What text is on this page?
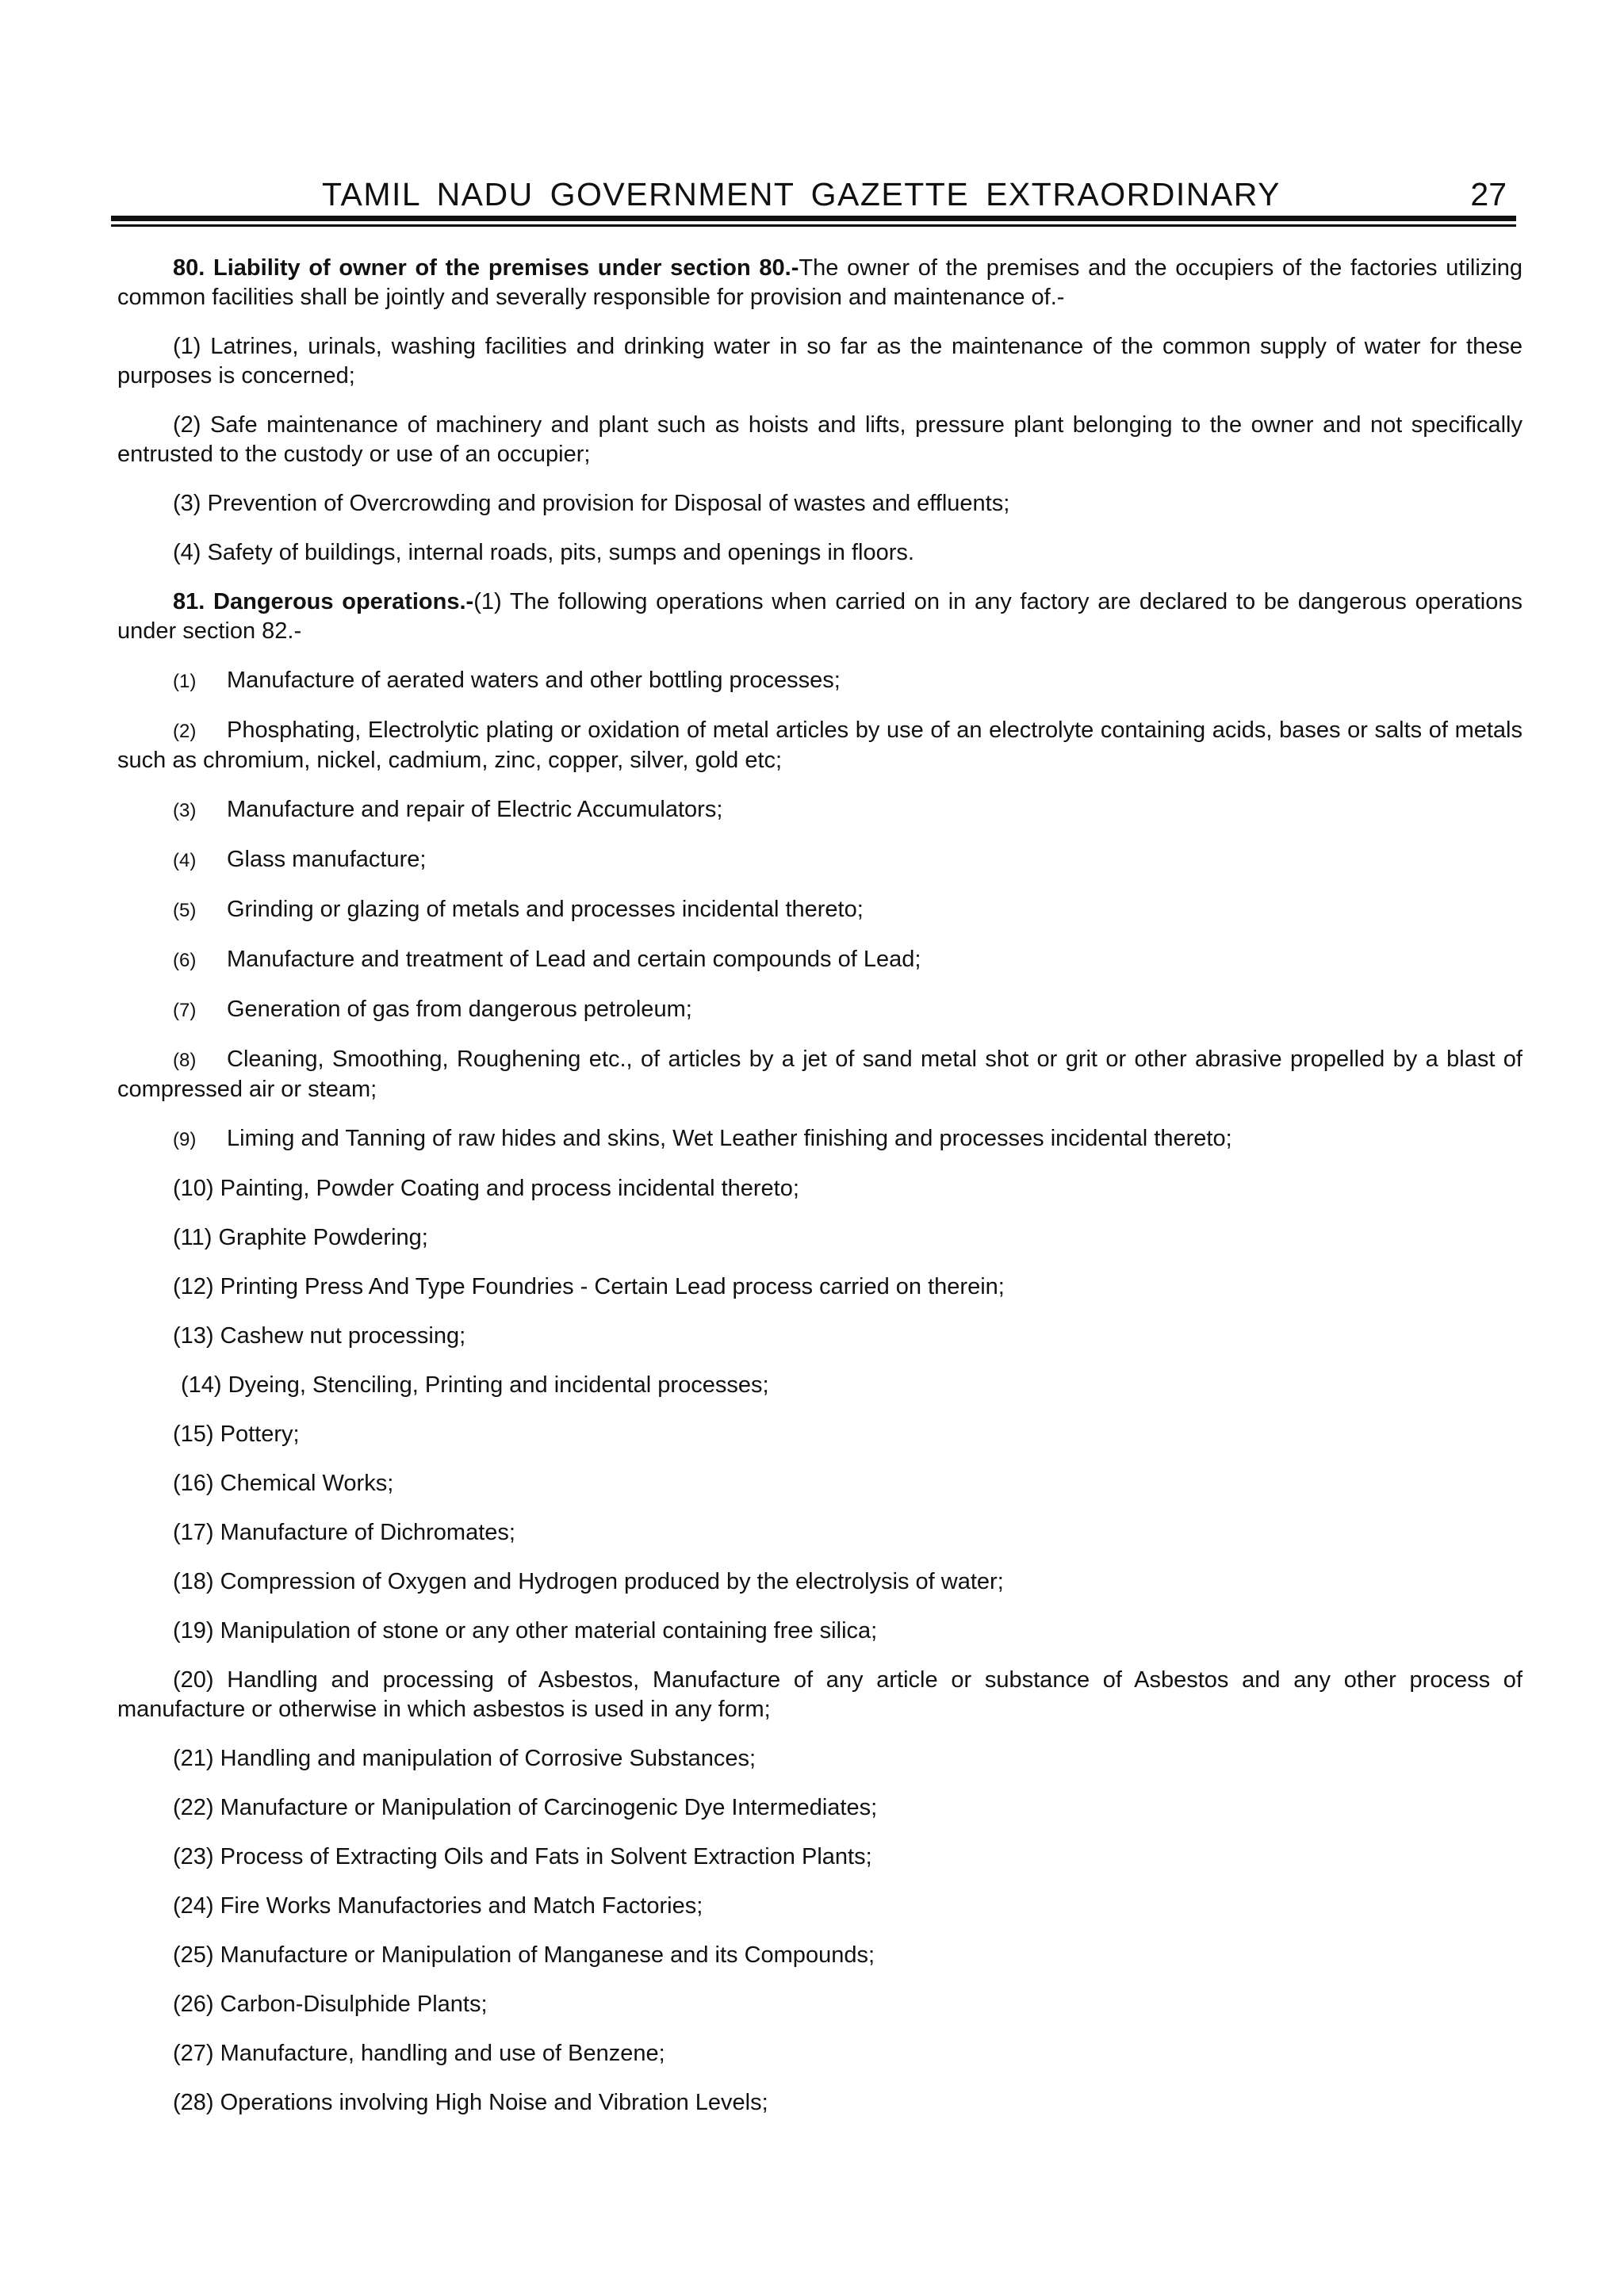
TAMIL NADU GOVERNMENT GAZETTE EXTRAORDINARY	27

80. Liability of owner of the premises under section 80.-The owner of the premises and the occupiers of the factories utilizing common facilities shall be jointly and severally responsible for provision and maintenance of.-

(1) Latrines, urinals, washing facilities and drinking water in so far as the maintenance of the common supply of water for these purposes is concerned;

(2) Safe maintenance of machinery and plant such as hoists and lifts, pressure plant belonging to the owner and not specifically entrusted to the custody or use of an occupier;

(3) Prevention of Overcrowding and provision for Disposal of wastes and effluents;

(4) Safety of buildings, internal roads, pits, sumps and openings in floors.

81. Dangerous operations.-(1) The following operations when carried on in any factory are declared to be dangerous operations under section 82.-

(1) Manufacture of aerated waters and other bottling processes;

(2) Phosphating, Electrolytic plating or oxidation of metal articles by use of an electrolyte containing acids, bases or salts of metals such as chromium, nickel, cadmium, zinc, copper, silver, gold etc;

(3) Manufacture and repair of Electric Accumulators;

(4) Glass manufacture;

(5) Grinding or glazing of metals and processes incidental thereto;

(6) Manufacture and treatment of Lead and certain compounds of Lead;

(7) Generation of gas from dangerous petroleum;

(8) Cleaning, Smoothing, Roughening etc., of articles by a jet of sand metal shot or grit or other abrasive propelled by a blast of compressed air or steam;

(9) Liming and Tanning of raw hides and skins, Wet Leather finishing and processes incidental thereto;

(10) Painting, Powder Coating and process incidental thereto;

(11) Graphite Powdering;

(12) Printing Press And Type Foundries - Certain Lead process carried on therein;

(13) Cashew nut processing;

(14) Dyeing, Stenciling, Printing and incidental processes;

(15) Pottery;

(16) Chemical Works;

(17) Manufacture of Dichromates;

(18) Compression of Oxygen and Hydrogen produced by the electrolysis of water;

(19) Manipulation of stone or any other material containing free silica;

(20) Handling and processing of Asbestos, Manufacture of any article or substance of Asbestos and any other process of manufacture or otherwise in which asbestos is used in any form;

(21) Handling and manipulation of Corrosive Substances;

(22) Manufacture or Manipulation of Carcinogenic Dye Intermediates;

(23) Process of Extracting Oils and Fats in Solvent Extraction Plants;

(24) Fire Works Manufactories and Match Factories;

(25) Manufacture or Manipulation of Manganese and its Compounds;

(26) Carbon-Disulphide Plants;

(27) Manufacture, handling and use of Benzene;

(28) Operations involving High Noise and Vibration Levels;
